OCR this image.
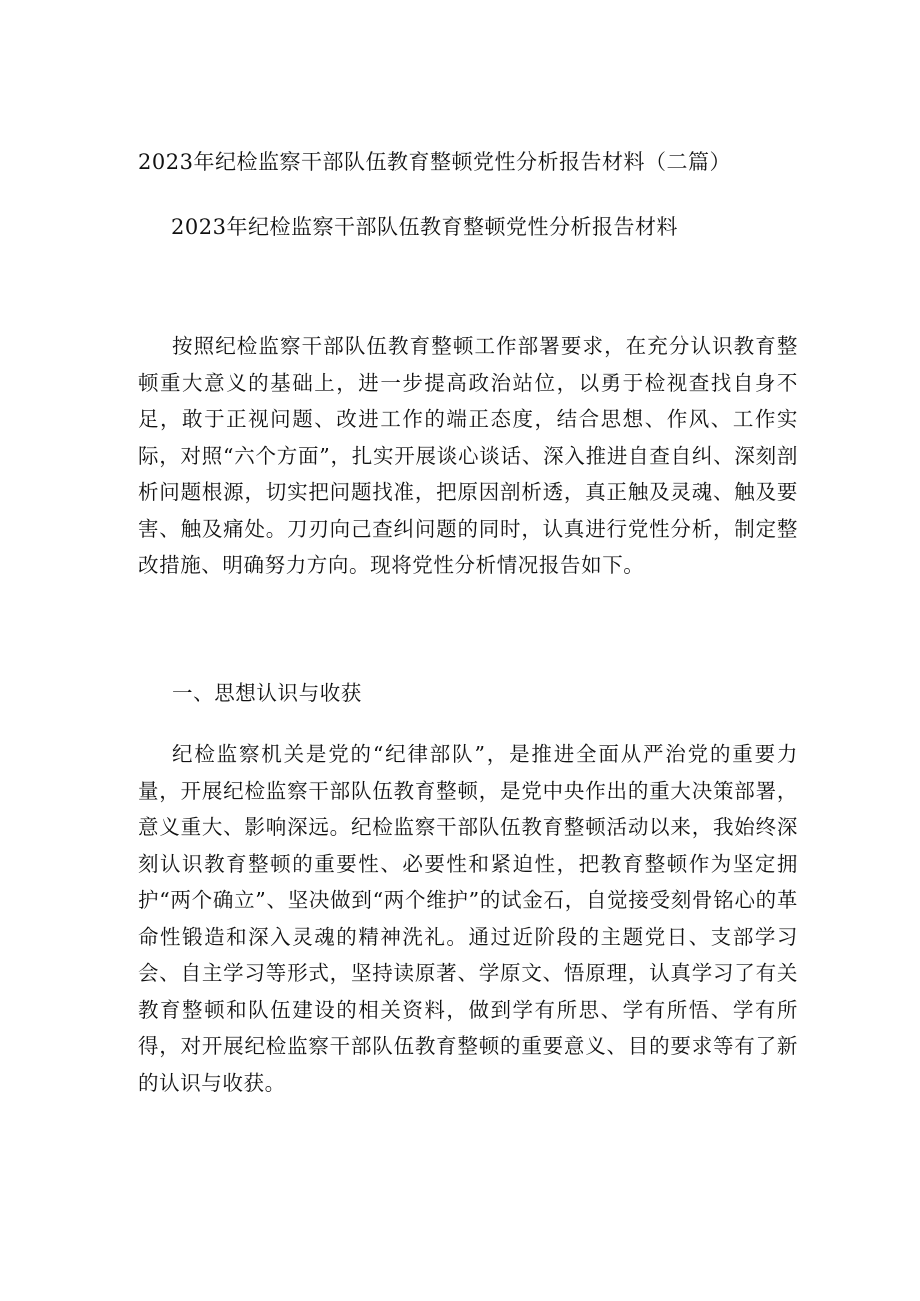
2023年纪检监察干部队伍教育整顿党性分析报告材料（二篇）
2023年纪检监察干部队伍教育整顿党性分析报告材料

按照纪检监察干部队伍教育整顿工作部署要求，在充分认识教育整顿重大意义的基础上，进一步提高政治站位，以勇于检视查找自身不足，敢于正视问题、改进工作的端正态度，结合思想、作风、工作实际，对照“六个方面”，扎实开展谈心谈话、深入推进自查自纠、深刻剖析问题根源，切实把问题找准，把原因剖析透，真正触及灵魂、触及要害、触及痛处。刀刃向己查纠问题的同时，认真进行党性分析，制定整改措施、明确努力方向。现将党性分析情况报告如下。

一、思想认识与收获

纪检监察机关是党的“纪律部队”，是推进全面从严治党的重要力量，开展纪检监察干部队伍教育整顿，是党中央作出的重大决策部署，意义重大、影响深远。纪检监察干部队伍教育整顿活动以来，我始终深刻认识教育整顿的重要性、必要性和紧迫性，把教育整顿作为坚定拥护“两个确立”、坚决做到“两个维护”的试金石，自觉接受刻骨铭心的革命性锻造和深入灵魂的精神洗礼。通过近阶段的主题党日、支部学习会、自主学习等形式，坚持读原著、学原文、悟原理，认真学习了有关教育整顿和队伍建设的相关资料，做到学有所思、学有所悟、学有所得，对开展纪检监察干部队伍教育整顿的重要意义、目的要求等有了新的认识与收获。
